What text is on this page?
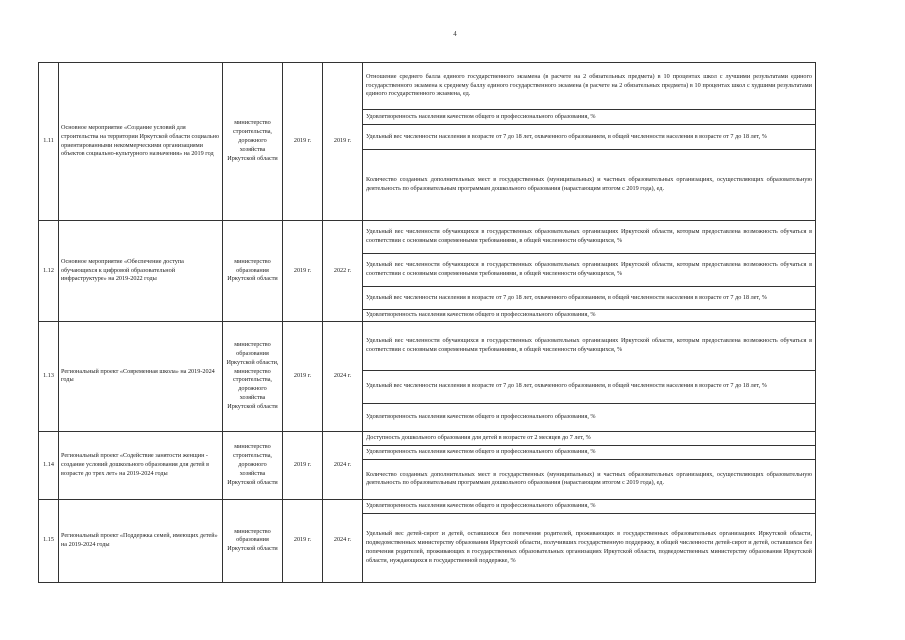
4
1.11	Основное мероприятие «Создание условий для строительства на территории Иркутской области социально ориентированными некоммерческими организациями объектов социально-культурного назначения» на 2019 год	министерство строительства, дорожного хозяйства Иркутской области	2019 г.	2019 г.	Отношение среднего балла единого государственного экзамена (в расчете на 2 обязательных предмета) в 10 процентах школ с лучшими результатами единого государственного экзамена к среднему баллу единого государственного экзамена (в расчете на 2 обязательных предмета) в 10 процентах школ с худшими результатами единого государственного экзамена, ед.
Удовлетворенность населения качеством общего и профессионального образования, %
Удельный вес численности населения в возрасте от 7 до 18 лет, охваченного образованием, в общей численности населения в возрасте от 7 до 18 лет, %
Количество созданных дополнительных мест в государственных (муниципальных) и частных образовательных организациях, осуществляющих образовательную деятельность по образовательным программам дошкольного образования (нарастающим итогом с 2019 года), ед.

1.12	Основное мероприятие «Обеспечение доступа обучающихся к цифровой образовательной инфраструктуре» на 2019-2022 годы	министерство образования Иркутской области	2019 г.	2022 г.	Удельный вес численности обучающихся в государственных образовательных организациях Иркутской области, которым предоставлена возможность обучаться в соответствии с основными современными требованиями, в общей численности обучающихся, %
Удельный вес численности обучающихся в государственных образовательных организациях Иркутской области, которым предоставлена возможность обучаться в соответствии с основными современными требованиями, в общей численности обучающихся, %
Удельный вес численности населения в возрасте от 7 до 18 лет, охваченного образованием, в общей численности населения в возрасте от 7 до 18 лет, %
Удовлетворенность населения качеством общего и профессионального образования, %

1.13	Региональный проект «Современная школа» на 2019-2024 годы	министерство образования Иркутской области, министерство строительства, дорожного хозяйства Иркутской области	2019 г.	2024 г.	Удельный вес численности обучающихся в государственных образовательных организациях Иркутской области, которым предоставлена возможность обучаться в соответствии с основными современными требованиями, в общей численности обучающихся, %
Удельный вес численности населения в возрасте от 7 до 18 лет, охваченного образованием, в общей численности населения в возрасте от 7 до 18 лет, %
Удовлетворенность населения качеством общего и профессионального образования, %

1.14	Региональный проект «Содействие занятости женщин - создание условий дошкольного образования для детей в возрасте до трех лет» на 2019-2024 годы	министерство строительства, дорожного хозяйства Иркутской области	2019 г.	2024 г.	Доступность дошкольного образования для детей в возрасте от 2 месяцев до 7 лет, %
Удовлетворенность населения качеством общего и профессионального образования, %
Количество созданных дополнительных мест в государственных (муниципальных) и частных образовательных организациях, осуществляющих образовательную деятельность по образовательным программам дошкольного образования (нарастающим итогом с 2019 года), ед.

1.15	Региональный проект «Поддержка семей, имеющих детей» на 2019-2024 годы	министерство образования Иркутской области	2019 г.	2024 г.	Удовлетворенность населения качеством общего и профессионального образования, %
Удельный вес детей-сирот и детей, оставшихся без попечения родителей, проживающих в государственных образовательных организациях Иркутской области, подведомственных министерству образования Иркутской области, получивших государственную поддержку, в общей численности детей-сирот и детей, оставшихся без попечения родителей, проживающих в государственных образовательных организациях Иркутской области, подведомственных министерству образования Иркутской области, нуждающихся в государственной поддержке, %
